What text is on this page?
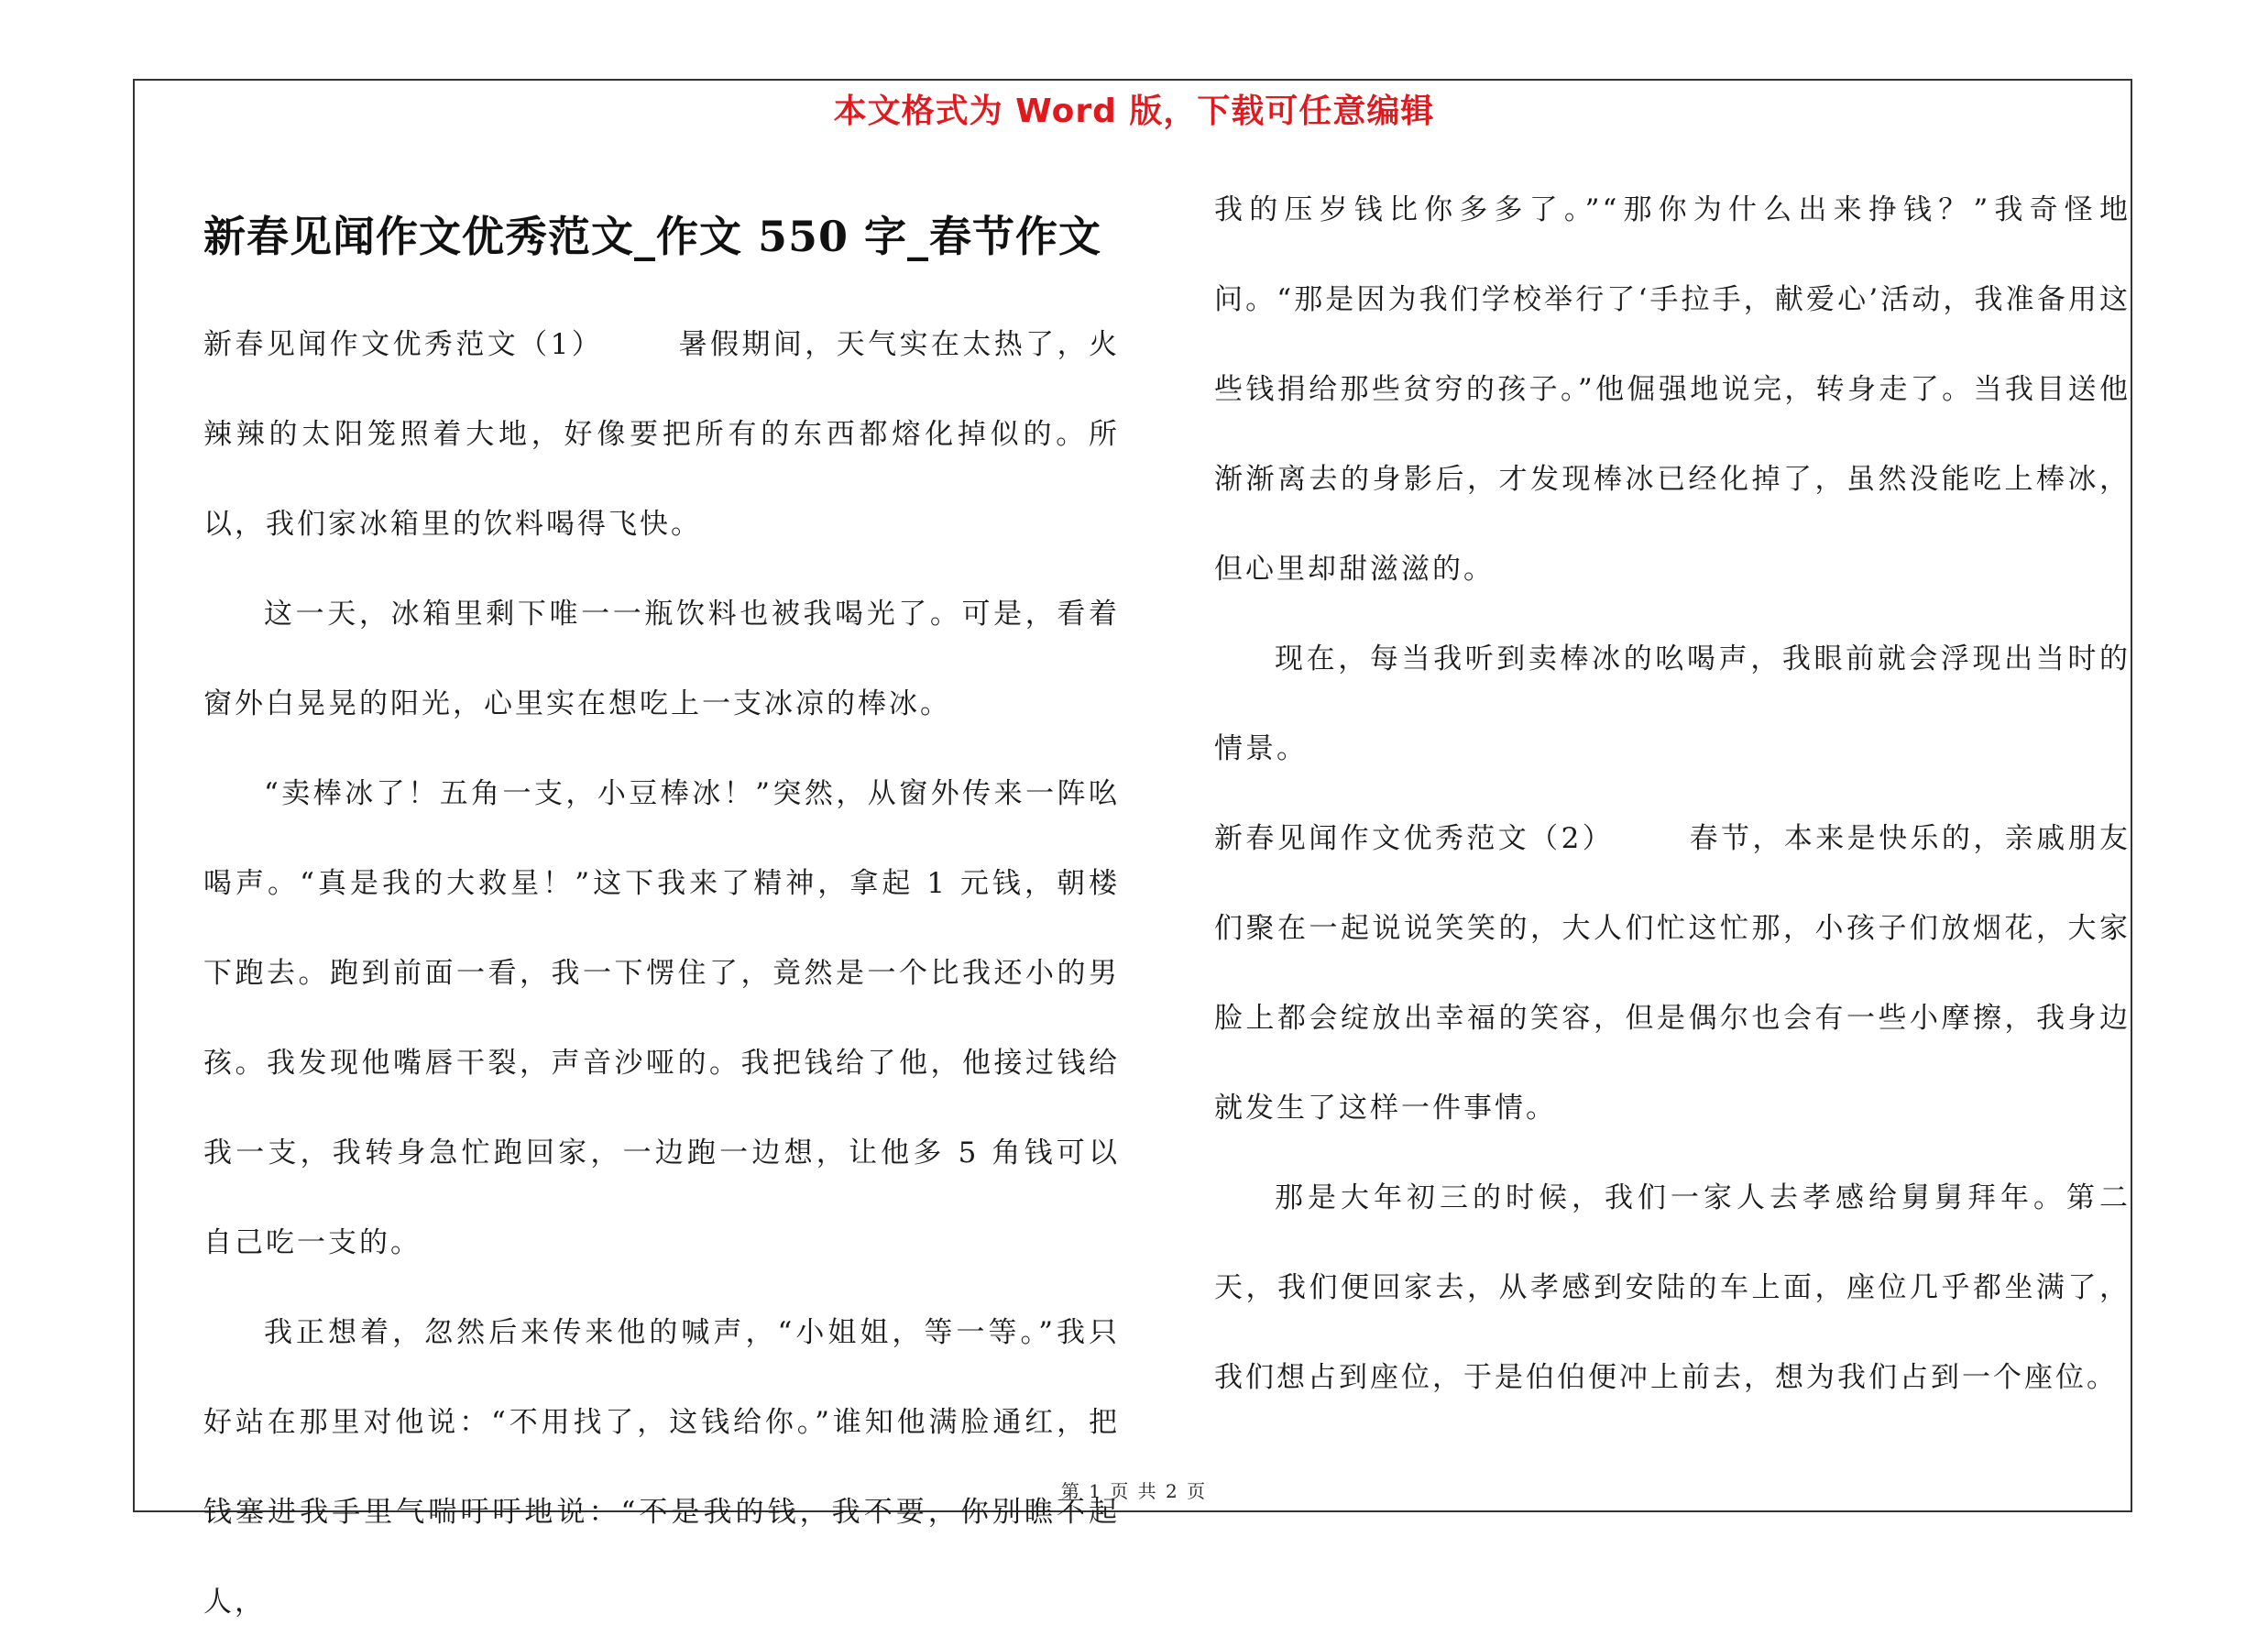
本文格式为 Word 版，下载可任意编辑
新春见闻作文优秀范文_作文 550 字_春节作文

新春见闻作文优秀范文（1）	暑假期间，天气实在太热了，火辣辣的太阳笼照着大地，好像要把所有的东西都熔化掉似的。所以，我们家冰箱里的饮料喝得飞快。

这一天，冰箱里剩下唯一一瓶饮料也被我喝光了。可是，看着窗外白晃晃的阳光，心里实在想吃上一支冰凉的棒冰。

“卖棒冰了！五角一支，小豆棒冰！”突然，从窗外传来一阵吆喝声。“真是我的大救星！”这下我来了精神，拿起 1 元钱，朝楼下跑去。跑到前面一看，我一下愣住了，竟然是一个比我还小的男孩。我发现他嘴唇干裂，声音沙哑的。我把钱给了他，他接过钱给我一支，我转身急忙跑回家，一边跑一边想，让他多 5 角钱可以自己吃一支的。

我正想着，忽然后来传来他的喊声，“小姐姐，等一等。”我只好站在那里对他说：“不用找了，这钱给你。”谁知他满脸通红，把钱塞进我手里气喘吁吁地说：“不是我的钱，我不要，你别瞧不起人，

我的压岁钱比你多多了。”“那你为什么出来挣钱？”我奇怪地问。“那是因为我们学校举行了‘手拉手，献爱心’活动，我准备用这些钱捐给那些贫穷的孩子。”他倔强地说完，转身走了。当我目送他渐渐离去的身影后，才发现棒冰已经化掉了，虽然没能吃上棒冰，但心里却甜滋滋的。

现在，每当我听到卖棒冰的吆喝声，我眼前就会浮现出当时的情景。

新春见闻作文优秀范文（2）	春节，本来是快乐的，亲戚朋友们聚在一起说说笑笑的，大人们忙这忙那，小孩子们放烟花，大家脸上都会绽放出幸福的笑容，但是偶尔也会有一些小摩擦，我身边就发生了这样一件事情。

那是大年初三的时候，我们一家人去孝感给舅舅拜年。第二天，我们便回家去，从孝感到安陆的车上面，座位几乎都坐满了，我们想占到座位，于是伯伯便冲上前去，想为我们占到一个座位。

第 1 页 共 2 页
